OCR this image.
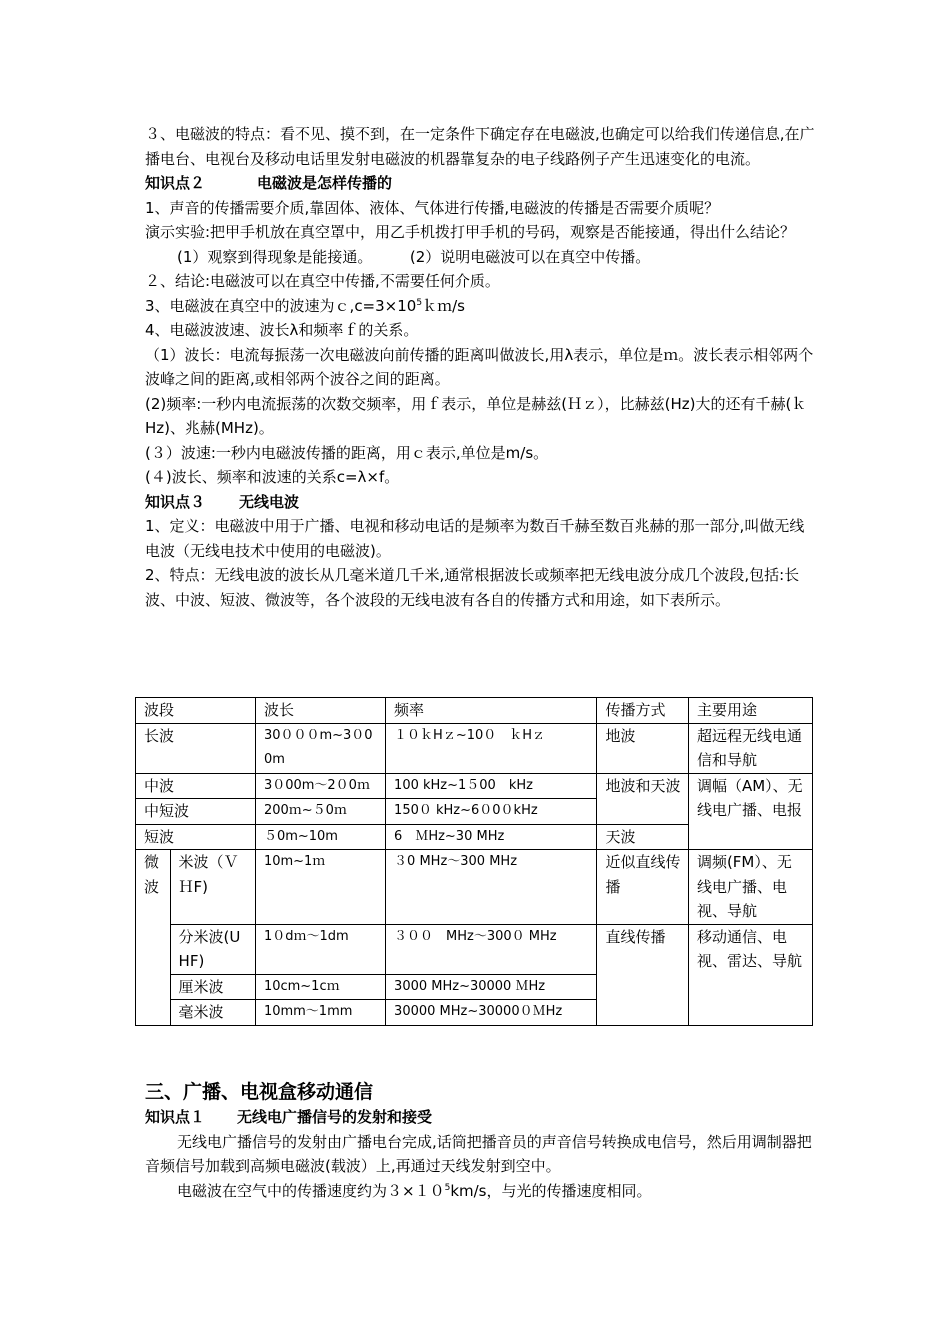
３、电磁波的特点：看不见、摸不到，在一定条件下确定存在电磁波,也确定可以给我们传递信息,在广播电台、电视台及移动电话里发射电磁波的机器靠复杂的电子线路例子产生迅速变化的电流。

知识点２	电磁波是怎样传播的

1、声音的传播需要介质,靠固体、液体、气体进行传播,电磁波的传播是否需要介质呢？

演示实验:把甲手机放在真空罩中，用乙手机拨打甲手机的号码，观察是否能接通，得出什么结论？

(1）观察到得现象是能接通。　　　(2）说明电磁波可以在真空中传播。

２、结论:电磁波可以在真空中传播,不需要任何介质。

3、电磁波在真空中的波速为$c,c=3\times 10^5km/s$

4、电磁波波速、波长λ和频率ｆ的关系。

（1）波长：电流每振荡一次电磁波向前传播的距离叫做波长,用λ表示，单位是ｍ。波长表示相邻两个波峰之间的距离,或相邻两个波谷之间的距离。

(2)频率:一秒内电流振荡的次数交频率，用ｆ表示，单位是赫兹(Ｈｚ），比赫兹(Hz)大的还有千赫(ｋHz)、兆赫(MHz)。

(３）波速:一秒内电磁波传播的距离，用ｃ表示,单位是m/s。

(４)波长、频率和波速的关系c=λ×f。

知识点３ 无线电波

1、定义：电磁波中用于广播、电视和移动电话的是频率为数百千赫至数百兆赫的那一部分,叫做无线电波（无线电技术中使用的电磁波)。

2、特点：无线电波的波长从几毫米道几千米,通常根据波长或频率把无线电波分成几个波段,包括:长波、中波、短波、微波等，各个波段的无线电波有各自的传播方式和用途，如下表所示。

波段		波长	频率	传播方式	主要用途
长波		30０００m~3０00m	１０ｋHｚ~10０　ｋHｚ	地波	超远程无线电通信和导航
中波		3０00m～2０0ｍ	100 kHz~1５00　kHz	地波和天波	调幅（AM）、无线电广播、电报
中短波		200ｍ~５0ｍ	150０ kHz~6０0０kHz		
短波		５0m~10m	6　ＭHz~30 MHz	天波	
微波	米波（ＶＨF)	10m~1ｍ	３0 MHz～300 MHz	近似直线传播	调频(FM）、无线电广播、电视、导航
	分米波(UHF)	1０dｍ～1dm	３００　MHz～300０ MHz	直线传播	移动通信、电视、雷达、导航
	厘米波	10cm~1cｍ	3000 MHz~30000 ＭHz		
	毫米波	10mm～1mm	30000 MHz~30000０ＭHz		

三、广播、电视盒移动通信

知识点１ 无线电广播信号的发射和接受

无线电广播信号的发射由广播电台完成,话筒把播音员的声音信号转换成电信号，然后用调制器把音频信号加载到高频电磁波(载波）上,再通过天线发射到空中。

电磁波在空气中的传播速度约为$3\times 10^5km/s$，与光的传播速度相同。
